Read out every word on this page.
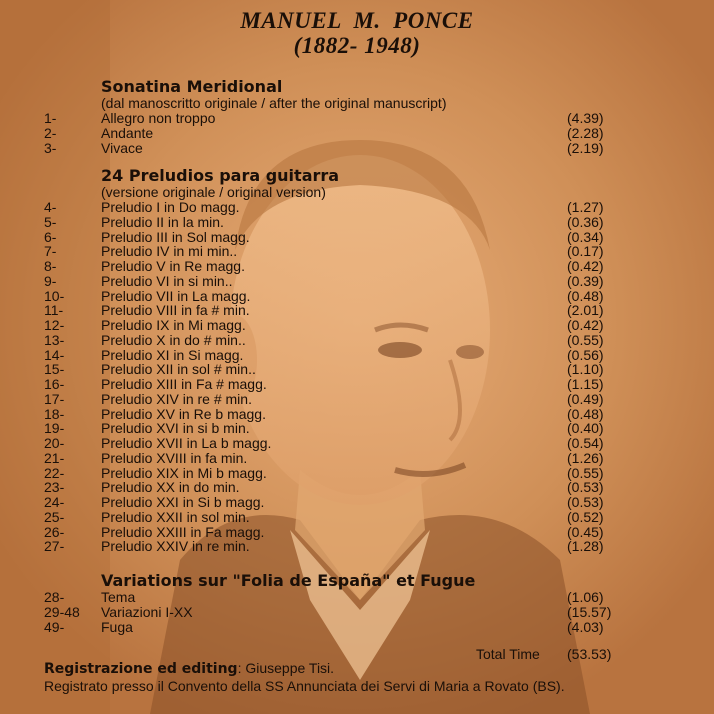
MANUEL  M.  PONCE
(1882- 1948)
Sonatina Meridional
(dal manoscritto originale / after the original manuscript)
1-	Allegro non troppo	(4.39)
2-	Andante	(2.28)
3-	Vivace	(2.19)
24 Preludios para guitarra
(versione originale / original version)
4-	Preludio I in Do magg.	(1.27)
5-	Preludio II in la min.	(0.36)
6-	Preludio III in Sol magg.	(0.34)
7-	Preludio IV in mi min..	(0.17)
8-	Preludio V in Re magg.	(0.42)
9-	Preludio VI in si min..	(0.39)
10-	Preludio VII in La magg.	(0.48)
11-	Preludio VIII in fa # min.	(2.01)
12-	Preludio IX in Mi magg.	(0.42)
13-	Preludio X in do # min..	(0.55)
14-	Preludio XI in Si magg.	(0.56)
15-	Preludio XII in sol # min..	(1.10)
16-	Preludio XIII in Fa # magg.	(1.15)
17-	Preludio XIV in re # min.	(0.49)
18-	Preludio XV in Re b magg.	(0.48)
19-	Preludio XVI in si b min.	(0.40)
20-	Preludio XVII in La b magg.	(0.54)
21-	Preludio XVIII in fa min.	(1.26)
22-	Preludio XIX in Mi b magg.	(0.55)
23-	Preludio XX in do min.	(0.53)
24-	Preludio XXI in Si b magg.	(0.53)
25-	Preludio XXII in sol min.	(0.52)
26-	Preludio XXIII in Fa magg.	(0.45)
27-	Preludio XXIV in re min.	(1.28)
Variations sur "Folia de España" et Fugue
28-	Tema	(1.06)
29-48 Variazioni I-XX	(15.57)
49-	Fuga	(4.03)
Total Time (53.53)
Registrazione ed editing: Giuseppe Tisi.
Registrato presso il Convento della SS Annunciata dei Servi di Maria a Rovato (BS).
